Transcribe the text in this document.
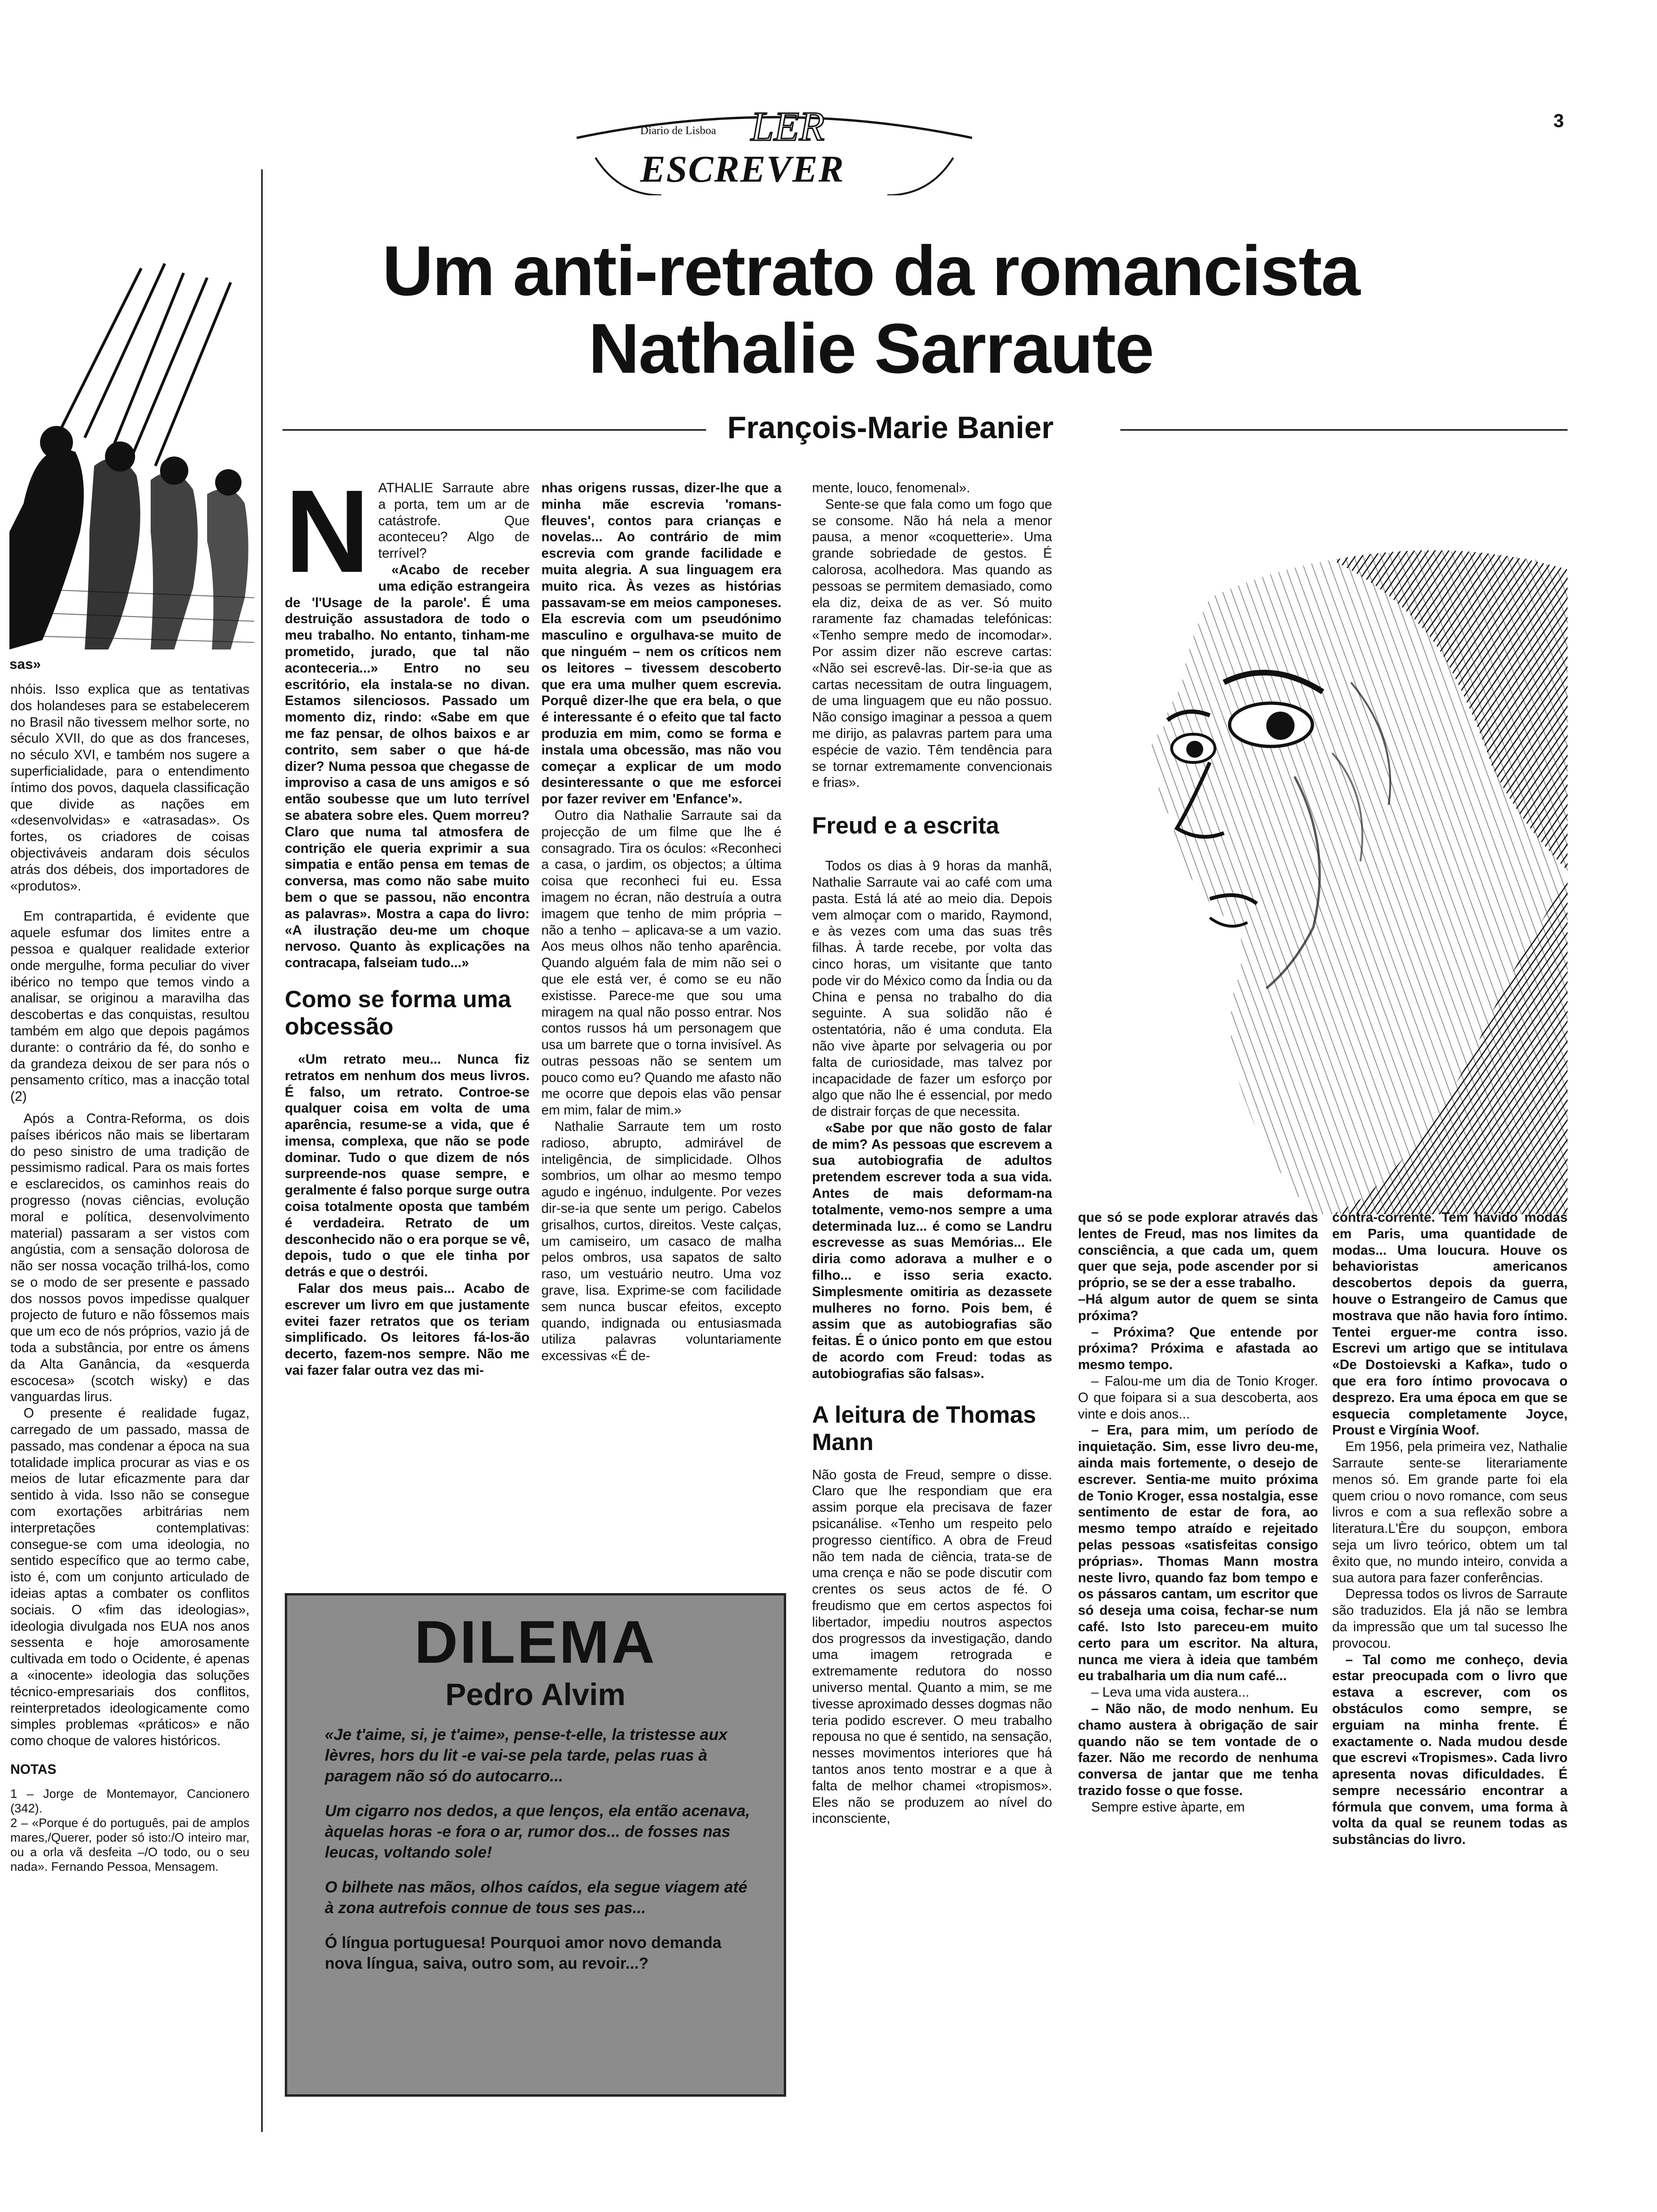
3
Diario de Lisboa LER
ESCREVER
Um anti-retrato da romancista
Nathalie Sarraute
François-Marie Banier
sas»

nhóis. Isso explica que as tentativas dos holandeses para se estabelecerem no Brasil não tivessem melhor sorte, no século XVII, do que as dos franceses, no século XVI, e também nos sugere a superficialidade, para o entendimento íntimo dos povos, daquela classificação que divide as nações em «desenvolvidas» e «atrasadas». Os fortes, os criadores de coisas objectiváveis andaram dois séculos atrás dos débeis, dos importadores de «produtos».

Em contrapartida, é evidente que aquele esfumar dos limites entre a pessoa e qualquer realidade exterior onde mergulhe, forma peculiar do viver ibérico no tempo que temos vindo a analisar, se originou a maravilha das descobertas e das conquistas, resultou também em algo que depois pagámos durante: o contrário da fé, do sonho e da grandeza deixou de ser para nós o pensamento crítico, mas a inacção total (2)

Após a Contra-Reforma, os dois países ibéricos não mais se libertaram do peso sinistro de uma tradição de pessimismo radical. Para os mais fortes e esclarecidos, os caminhos reais do progresso (novas ciências, evolução moral e política, desenvolvimento material) passaram a ser vistos com angústia, com a sensação dolorosa de não ser nossa vocação trilhá-los, como se o modo de ser presente e passado dos nossos povos impedisse qualquer projecto de futuro e não fôssemos mais que um eco de nós próprios, vazio já de toda a substância, por entre os ámens da Alta Ganância, da «esquerda escocesa» (scotch wisky) e das vanguardas lirus.

O presente é realidade fugaz, carregado de um passado, massa de passado, mas condenar a época na sua totalidade implica procurar as vias e os meios de lutar eficazmente para dar sentido à vida. Isso não se consegue com exortações arbitrárias nem interpretações contemplativas: consegue-se com uma ideologia, no sentido específico que ao termo cabe, isto é, com um conjunto articulado de ideias aptas a combater os conflitos sociais. O «fim das ideologias», ideologia divulgada nos EUA nos anos sessenta e hoje amorosamente cultivada em todo o Ocidente, é apenas a «inocente» ideologia das soluções técnico-empresariais dos conflitos, reinterpretados ideologicamente como simples problemas «práticos» e não como choque de valores históricos.

NOTAS

1 – Jorge de Montemayor, Cancionero (342).

2 – «Porque é do português, pai de amplos mares,/Querer, poder só isto:/O inteiro mar, ou a orla vã desfeita –/O todo, ou o seu nada». Fernando Pessoa, Mensagem.

N ATHALIE Sarraute abre a porta, tem um ar de catástrofe. Que aconteceu? Algo de terrível?

«Acabo de receber uma edição estrangeira de 'l'Usage de la parole'. É uma destruição assustadora de todo o meu trabalho. No entanto, tinham-me prometido, jurado, que tal não aconteceria...» Entro no seu escritório, ela instala-se no divan. Estamos silenciosos. Passado um momento diz, rindo: «Sabe em que me faz pensar, de olhos baixos e ar contrito, sem saber o que há-de dizer? Numa pessoa que chegasse de improviso a casa de uns amigos e só então soubesse que um luto terrível se abatera sobre eles. Quem morreu? Claro que numa tal atmosfera de contrição ele queria exprimir a sua simpatia e então pensa em temas de conversa, mas como não sabe muito bem o que se passou, não encontra as palavras». Mostra a capa do livro: «A ilustração deu-me um choque nervoso. Quanto às explicações na contracapa, falseiam tudo...»

Como se forma uma obcessão

«Um retrato meu... Nunca fiz retratos em nenhum dos meus livros. É falso, um retrato. Controe-se qualquer coisa em volta de uma aparência, resume-se a vida, que é imensa, complexa, que não se pode dominar. Tudo o que dizem de nós surpreende-nos quase sempre, e geralmente é falso porque surge outra coisa totalmente oposta que também é verdadeira. Retrato de um desconhecido não o era porque se vê, depois, tudo o que ele tinha por detrás e que o destrói.

Falar dos meus pais... Acabo de escrever um livro em que justamente evitei fazer retratos que os teriam simplificado. Os leitores fá-los-ão decerto, fazem-nos sempre. Não me vai fazer falar outra vez das mi-

nhas origens russas, dizer-lhe que a minha mãe escrevia 'romans-fleuves', contos para crianças e novelas... Ao contrário de mim escrevia com grande facilidade e muita alegria. A sua linguagem era muito rica. Às vezes as histórias passavam-se em meios camponeses. Ela escrevia com um pseudónimo masculino e orgulhava-se muito de que ninguém – nem os críticos nem os leitores – tivessem descoberto que era uma mulher quem escrevia. Porquê dizer-lhe que era bela, o que é interessante é o efeito que tal facto produzia em mim, como se forma e instala uma obcessão, mas não vou começar a explicar de um modo desinteressante o que me esforcei por fazer reviver em 'Enfance'».

Outro dia Nathalie Sarraute sai da projecção de um filme que lhe é consagrado. Tira os óculos: «Reconheci a casa, o jardim, os objectos; a última coisa que reconheci fui eu. Essa imagem no écran, não destruía a outra imagem que tenho de mim própria – não a tenho – aplicava-se a um vazio. Aos meus olhos não tenho aparência. Quando alguém fala de mim não sei o que ele está ver, é como se eu não existisse. Parece-me que sou uma miragem na qual não posso entrar. Nos contos russos há um personagem que usa um barrete que o torna invisível. As outras pessoas não se sentem um pouco como eu? Quando me afasto não me ocorre que depois elas vão pensar em mim, falar de mim.»

Nathalie Sarraute tem um rosto radioso, abrupto, admirável de inteligência, de simplicidade. Olhos sombrios, um olhar ao mesmo tempo agudo e ingénuo, indulgente. Por vezes dir-se-ia que sente um perigo. Cabelos grisalhos, curtos, direitos. Veste calças, um camiseiro, um casaco de malha pelos ombros, usa sapatos de salto raso, um vestuário neutro. Uma voz grave, lisa. Exprime-se com facilidade sem nunca buscar efeitos, excepto quando, indignada ou entusiasmada utiliza palavras voluntariamente excessivas «É de-

mente, louco, fenomenal».

Sente-se que fala como um fogo que se consome. Não há nela a menor pausa, a menor «coquetterie». Uma grande sobriedade de gestos. É calorosa, acolhedora. Mas quando as pessoas se permitem demasiado, como ela diz, deixa de as ver. Só muito raramente faz chamadas telefónicas: «Tenho sempre medo de incomodar». Por assim dizer não escreve cartas: «Não sei escrevê-las. Dir-se-ia que as cartas necessitam de outra linguagem, de uma linguagem que eu não possuo. Não consigo imaginar a pessoa a quem me dirijo, as palavras partem para uma espécie de vazio. Têm tendência para se tornar extremamente convencionais e frias».

Freud e a escrita

Todos os dias à 9 horas da manhã, Nathalie Sarraute vai ao café com uma pasta. Está lá até ao meio dia. Depois vem almoçar com o marido, Raymond, e às vezes com uma das suas três filhas. À tarde recebe, por volta das cinco horas, um visitante que tanto pode vir do México como da Índia ou da China e pensa no trabalho do dia seguinte. A sua solidão não é ostentatória, não é uma conduta. Ela não vive àparte por selvageria ou por falta de curiosidade, mas talvez por incapacidade de fazer um esforço por algo que não lhe é essencial, por medo de distrair forças de que necessita.

«Sabe por que não gosto de falar de mim? As pessoas que escrevem a sua autobiografia de adultos pretendem escrever toda a sua vida. Antes de mais deformam-na totalmente, vemo-nos sempre a uma determinada luz... é como se Landru escrevesse as suas Memórias... Ele diria como adorava a mulher e o filho... e isso seria exacto. Simplesmente omitiria as dezassete mulheres no forno. Pois bem, é assim que as autobiografias são feitas. É o único ponto em que estou de acordo com Freud: todas as autobiografias são falsas».

A leitura de Thomas Mann

Não gosta de Freud, sempre o disse. Claro que lhe respondiam que era assim porque ela precisava de fazer psicanálise. «Tenho um respeito pelo progresso científico. A obra de Freud não tem nada de ciência, trata-se de uma crença e não se pode discutir com crentes os seus actos de fé. O freudismo que em certos aspectos foi libertador, impediu noutros aspectos dos progressos da investigação, dando uma imagem retrograda e extremamente redutora do nosso universo mental. Quanto a mim, se me tivesse aproximado desses dogmas não teria podido escrever. O meu trabalho repousa no que é sentido, na sensação, nesses movimentos interiores que há tantos anos tento mostrar e a que à falta de melhor chamei «tropismos». Eles não se produzem ao nível do inconsciente,

que só se pode explorar através das lentes de Freud, mas nos limites da consciência, a que cada um, quem quer que seja, pode ascender por si próprio, se se der a esse trabalho.

–Há algum autor de quem se sinta próxima?

– Próxima? Que entende por próxima? Próxima e afastada ao mesmo tempo.

– Falou-me um dia de Tonio Kroger. O que foipara si a sua descoberta, aos vinte e dois anos...

– Era, para mim, um período de inquietação. Sim, esse livro deu-me, ainda mais fortemente, o desejo de escrever. Sentia-me muito próxima de Tonio Kroger, essa nostalgia, esse sentimento de estar de fora, ao mesmo tempo atraído e rejeitado pelas pessoas «satisfeitas consigo próprias». Thomas Mann mostra neste livro, quando faz bom tempo e os pássaros cantam, um escritor que só deseja uma coisa, fechar-se num café. Isto Isto pareceu-em muito certo para um escritor. Na altura, nunca me viera à ideia que também eu trabalharia um dia num café...

– Leva uma vida austera...

– Não não, de modo nenhum. Eu chamo austera à obrigação de sair quando não se tem vontade de o fazer. Não me recordo de nenhuma conversa de jantar que me tenha trazido fosse o que fosse.

Sempre estive àparte, em

contra-corrente. Tem havido modas em Paris, uma quantidade de modas... Uma loucura. Houve os behavioristas americanos descobertos depois da guerra, houve o Estrangeiro de Camus que mostrava que não havia foro íntimo. Tentei erguer-me contra isso. Escrevi um artigo que se intitulava «De Dostoievski a Kafka», tudo o que era foro íntimo provocava o desprezo. Era uma época em que se esquecia completamente Joyce, Proust e Virgínia Woof.

Em 1956, pela primeira vez, Nathalie Sarraute sente-se literariamente menos só. Em grande parte foi ela quem criou o novo romance, com seus livros e com a sua reflexão sobre a literatura.L'Ère du soupçon, embora seja um livro teórico, obtem um tal êxito que, no mundo inteiro, convida a sua autora para fazer conferências.

Depressa todos os livros de Sarraute são traduzidos. Ela já não se lembra da impressão que um tal sucesso lhe provocou.

– Tal como me conheço, devia estar preocupada com o livro que estava a escrever, com os obstáculos como sempre, se erguiam na minha frente. É exactamente o. Nada mudou desde que escrevi «Tropismes». Cada livro apresenta novas dificuldades. É sempre necessário encontrar a fórmula que convem, uma forma à volta da qual se reunem todas as substâncias do livro.

DILEMA
Pedro Alvim
«Je t'aime, si, je t'aime», pense-t-elle, la tristesse aux lèvres, hors du lit -e vai-se pela tarde, pelas ruas à paragem não só do autocarro...
Um cigarro nos dedos, a que lenços, ela então acenava, àquelas horas -e fora o ar, rumor dos... de fosses nas leucas, voltando sole!
O bilhete nas mãos, olhos caídos, ela segue viagem até à zona autrefois connue de tous ses pas...
Ó língua portuguesa! Pourquoi amor novo demanda nova língua, saiva, outro som, au revoir...?
